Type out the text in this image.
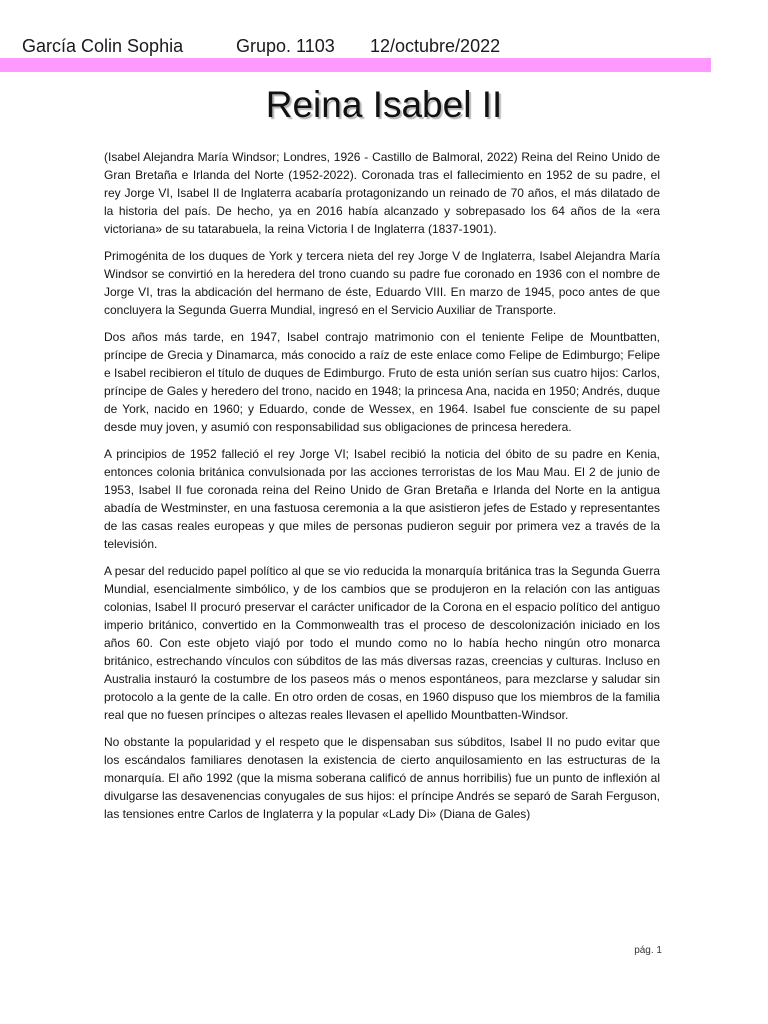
García Colin Sophia	Grupo. 1103 12/octubre/2022
Reina Isabel II

(Isabel Alejandra María Windsor; Londres, 1926 - Castillo de Balmoral, 2022) Reina del Reino Unido de Gran Bretaña e Irlanda del Norte (1952-2022). Coronada tras el fallecimiento en 1952 de su padre, el rey Jorge VI, Isabel II de Inglaterra acabaría protagonizando un reinado de 70 años, el más dilatado de la historia del país. De hecho, ya en 2016 había alcanzado y sobrepasado los 64 años de la «era victoriana» de su tatarabuela, la reina Victoria I de Inglaterra (1837-1901).

Primogénita de los duques de York y tercera nieta del rey Jorge V de Inglaterra, Isabel Alejandra María Windsor se convirtió en la heredera del trono cuando su padre fue coronado en 1936 con el nombre de Jorge VI, tras la abdicación del hermano de éste, Eduardo VIII. En marzo de 1945, poco antes de que concluyera la Segunda Guerra Mundial, ingresó en el Servicio Auxiliar de Transporte.

Dos años más tarde, en 1947, Isabel contrajo matrimonio con el teniente Felipe de Mountbatten, príncipe de Grecia y Dinamarca, más conocido a raíz de este enlace como Felipe de Edimburgo; Felipe e Isabel recibieron el título de duques de Edimburgo. Fruto de esta unión serían sus cuatro hijos: Carlos, príncipe de Gales y heredero del trono, nacido en 1948; la princesa Ana, nacida en 1950; Andrés, duque de York, nacido en 1960; y Eduardo, conde de Wessex, en 1964. Isabel fue consciente de su papel desde muy joven, y asumió con responsabilidad sus obligaciones de princesa heredera.

A principios de 1952 falleció el rey Jorge VI; Isabel recibió la noticia del óbito de su padre en Kenia, entonces colonia británica convulsionada por las acciones terroristas de los Mau Mau. El 2 de junio de 1953, Isabel II fue coronada reina del Reino Unido de Gran Bretaña e Irlanda del Norte en la antigua abadía de Westminster, en una fastuosa ceremonia a la que asistieron jefes de Estado y representantes de las casas reales europeas y que miles de personas pudieron seguir por primera vez a través de la televisión.

A pesar del reducido papel político al que se vio reducida la monarquía británica tras la Segunda Guerra Mundial, esencialmente simbólico, y de los cambios que se produjeron en la relación con las antiguas colonias, Isabel II procuró preservar el carácter unificador de la Corona en el espacio político del antiguo imperio británico, convertido en la Commonwealth tras el proceso de descolonización iniciado en los años 60. Con este objeto viajó por todo el mundo como no lo había hecho ningún otro monarca británico, estrechando vínculos con súbditos de las más diversas razas, creencias y culturas. Incluso en Australia instauró la costumbre de los paseos más o menos espontáneos, para mezclarse y saludar sin protocolo a la gente de la calle. En otro orden de cosas, en 1960 dispuso que los miembros de la familia real que no fuesen príncipes o altezas reales llevasen el apellido Mountbatten-Windsor.

No obstante la popularidad y el respeto que le dispensaban sus súbditos, Isabel II no pudo evitar que los escándalos familiares denotasen la existencia de cierto anquilosamiento en las estructuras de la monarquía. El año 1992 (que la misma soberana calificó de annus horribilis) fue un punto de inflexión al divulgarse las desavenencias conyugales de sus hijos: el príncipe Andrés se separó de Sarah Ferguson, las tensiones entre Carlos de Inglaterra y la popular «Lady Di» (Diana de Gales)

pág. 1
